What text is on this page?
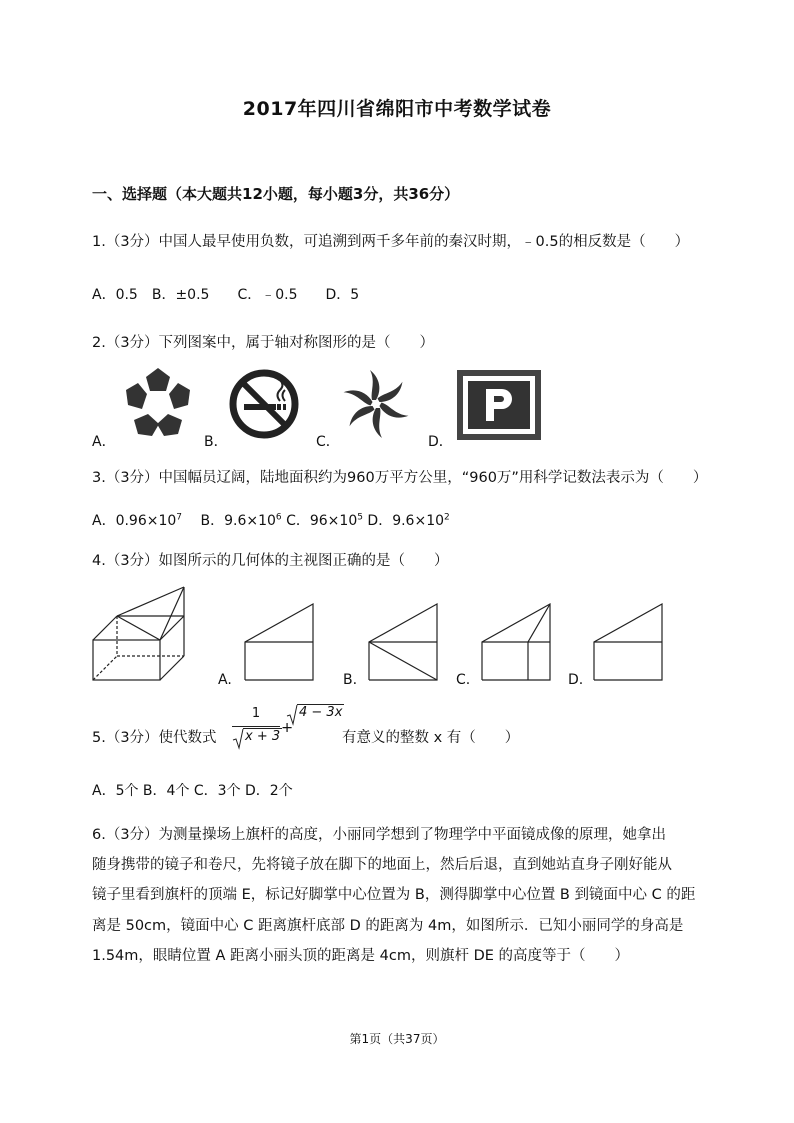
2017年四川省绵阳市中考数学试卷
一、选择题（本大题共12小题，每小题3分，共36分）
1.（3分）中国人最早使用负数，可追溯到两千多年前的秦汉时期，﹣0.5的相反数是（　　）
A．0.5　B．±0.5　　C．﹣0.5　　D．5
2.（3分）下列图案中，属于轴对称图形的是（　　）
A．	B．	C．	D．
3.（3分）中国幅员辽阔，陆地面积约为960万平方公里，“960万”用科学记数法表示为（　　）
A．$0.96\times 10^7$　 B．$9.6\times 10^6$ C．$96\times 10^5$ D．$9.6\times 10^2$
4.（3分）如图所示的几何体的主视图正确的是（　　）
A.	B.	C.	D.
5.（3分）使代数式
1
x + 3
+
4 − 3x
有意义的整数 x 有（　　）
A．5个 B．4个 C．3个 D．2个
6.（3分）为测量操场上旗杆的高度，小丽同学想到了物理学中平面镜成像的原理，她拿出
随身携带的镜子和卷尺，先将镜子放在脚下的地面上，然后后退，直到她站直身子刚好能从
镜子里看到旗杆的顶端 E，标记好脚掌中心位置为 B，测得脚掌中心位置 B 到镜面中心 C 的距
离是 50cm，镜面中心 C 距离旗杆底部 D 的距离为 4m，如图所示．已知小丽同学的身高是
1.54m，眼睛位置 A 距离小丽头顶的距离是 4cm，则旗杆 DE 的高度等于（　　）
第1页（共37页）
